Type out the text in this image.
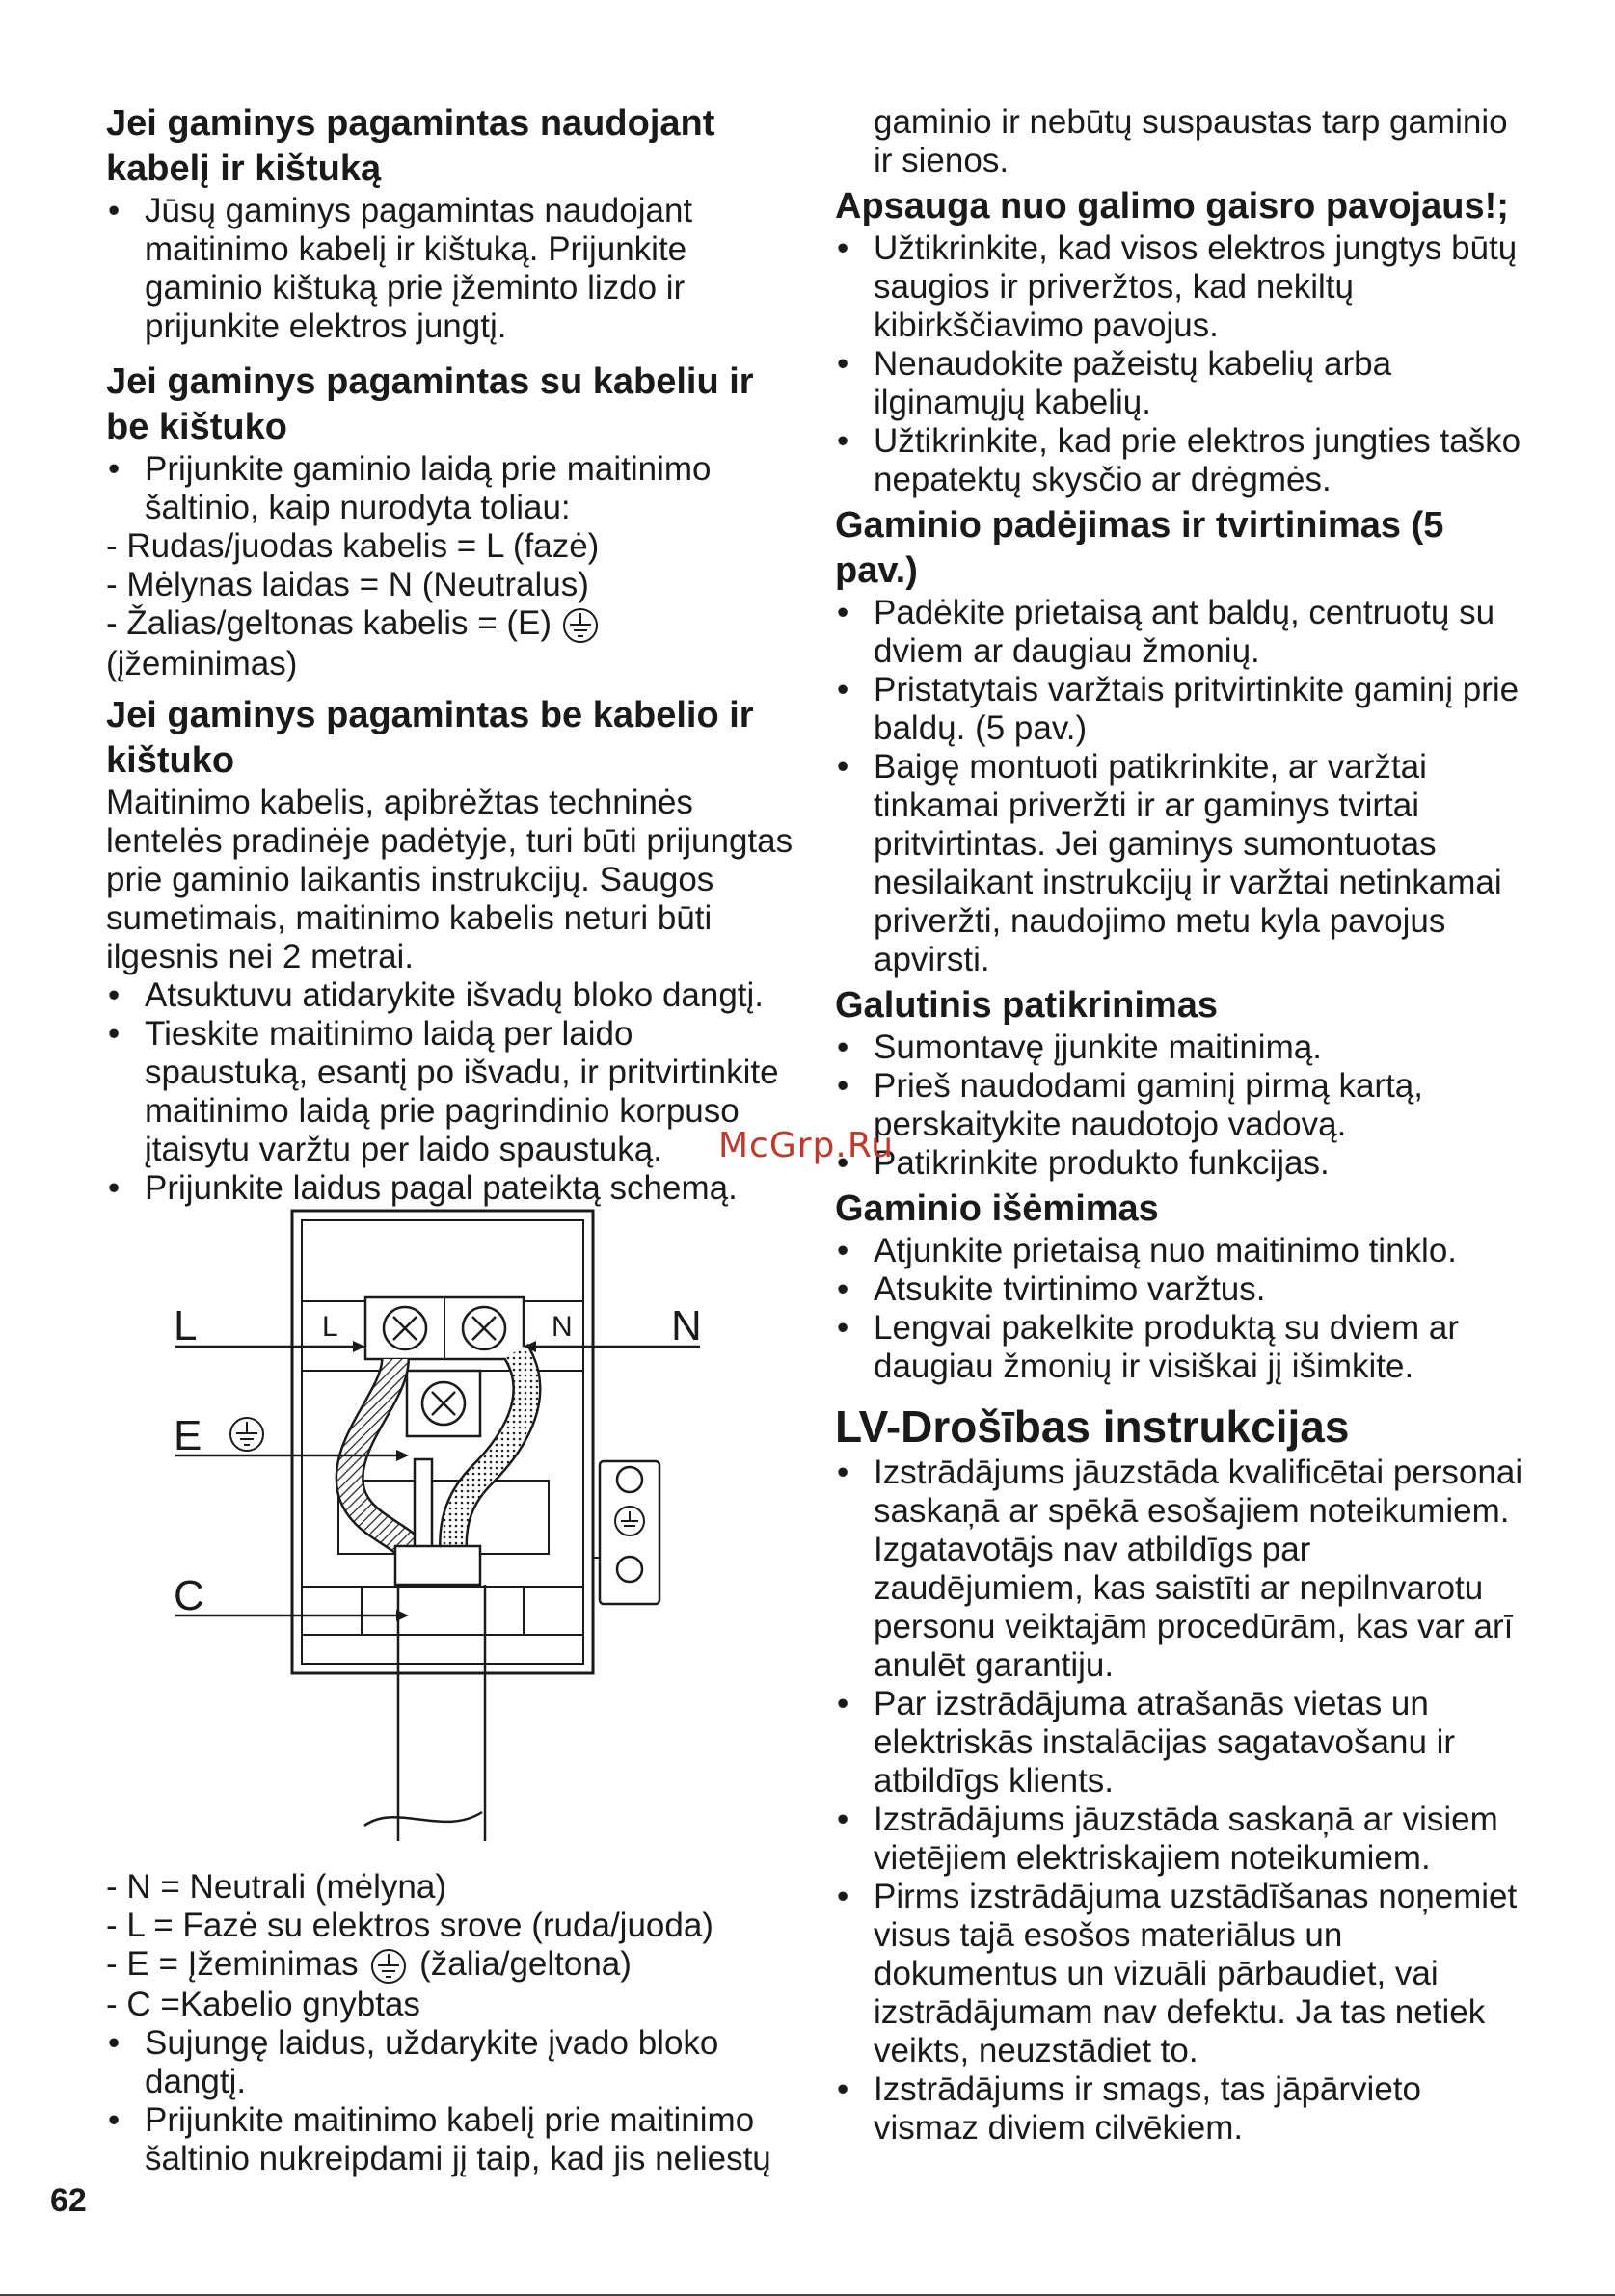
Jei gaminys pagamintas naudojant kabelį ir kištuką
• Jūsų gaminys pagamintas naudojant maitinimo kabelį ir kištuką. Prijunkite gaminio kištuką prie įžeminto lizdo ir prijunkite elektros jungtį.
Jei gaminys pagamintas su kabeliu ir be kištuko
• Prijunkite gaminio laidą prie maitinimo šaltinio, kaip nurodyta toliau:
- Rudas/juodas kabelis = L (fazė)
- Mėlynas laidas = N (Neutralus)
- Žalias/geltonas kabelis = (E)
(įžeminimas)
Jei gaminys pagamintas be kabelio ir kištuko

Maitinimo kabelis, apibrėžtas techninės lentelės pradinėje padėtyje, turi būti prijungtas prie gaminio laikantis instrukcijų. Saugos sumetimais, maitinimo kabelis neturi būti ilgesnis nei 2 metrai.

• Atsuktuvu atidarykite išvadų bloko dangtį.
• Tieskite maitinimo laidą per laido spaustuką, esantį po išvadu, ir pritvirtinkite maitinimo laidą prie pagrindinio korpuso įtaisytu varžtu per laido spaustuką.
• Prijunkite laidus pagal pateiktą schemą.
- N = Neutrali (mėlyna)
- L = Fazė su elektros srove (ruda/juoda)
- E = Įžeminimas (žalia/geltona)
- C =Kabelio gnybtas
• Sujungę laidus, uždarykite įvado bloko dangtį.
• Prijunkite maitinimo kabelį prie maitinimo šaltinio nukreipdami jį taip, kad jis neliestų
L	N
E
C
L	N

gaminio ir nebūtų suspaustas tarp gaminio ir sienos.

Apsauga nuo galimo gaisro pavojaus!;
• Užtikrinkite, kad visos elektros jungtys būtų saugios ir priveržtos, kad nekiltų kibirkščiavimo pavojus.
• Nenaudokite pažeistų kabelių arba ilginamųjų kabelių.
• Užtikrinkite, kad prie elektros jungties taško nepatektų skysčio ar drėgmės.
Gaminio padėjimas ir tvirtinimas (5 pav.)
• Padėkite prietaisą ant baldų, centruotų su dviem ar daugiau žmonių.
• Pristatytais varžtais pritvirtinkite gaminį prie baldų. (5 pav.)
• Baigę montuoti patikrinkite, ar varžtai tinkamai priveržti ir ar gaminys tvirtai pritvirtintas. Jei gaminys sumontuotas nesilaikant instrukcijų ir varžtai netinkamai priveržti, naudojimo metu kyla pavojus apvirsti.
Galutinis patikrinimas
• Sumontavę įjunkite maitinimą.
• Prieš naudodami gaminį pirmą kartą, perskaitykite naudotojo vadovą.
• Patikrinkite produkto funkcijas.
Gaminio išėmimas
• Atjunkite prietaisą nuo maitinimo tinklo.
• Atsukite tvirtinimo varžtus.
• Lengvai pakelkite produktą su dviem ar daugiau žmonių ir visiškai jį išimkite.
LV-Drošības instrukcijas
• Izstrādājums jāuzstāda kvalificētai personai saskaņā ar spēkā esošajiem noteikumiem. Izgatavotājs nav atbildīgs par zaudējumiem, kas saistīti ar nepilnvarotu personu veiktajām procedūrām, kas var arī anulēt garantiju.
• Par izstrādājuma atrašanās vietas un elektriskās instalācijas sagatavošanu ir atbildīgs klients.
• Izstrādājums jāuzstāda saskaņā ar visiem vietējiem elektriskajiem noteikumiem.
• Pirms izstrādājuma uzstādīšanas noņemiet visus tajā esošos materiālus un dokumentus un vizuāli pārbaudiet, vai izstrādājumam nav defektu. Ja tas netiek veikts, neuzstādiet to.
• Izstrādājums ir smags, tas jāpārvieto vismaz diviem cilvēkiem.
McGrp.Ru
62
